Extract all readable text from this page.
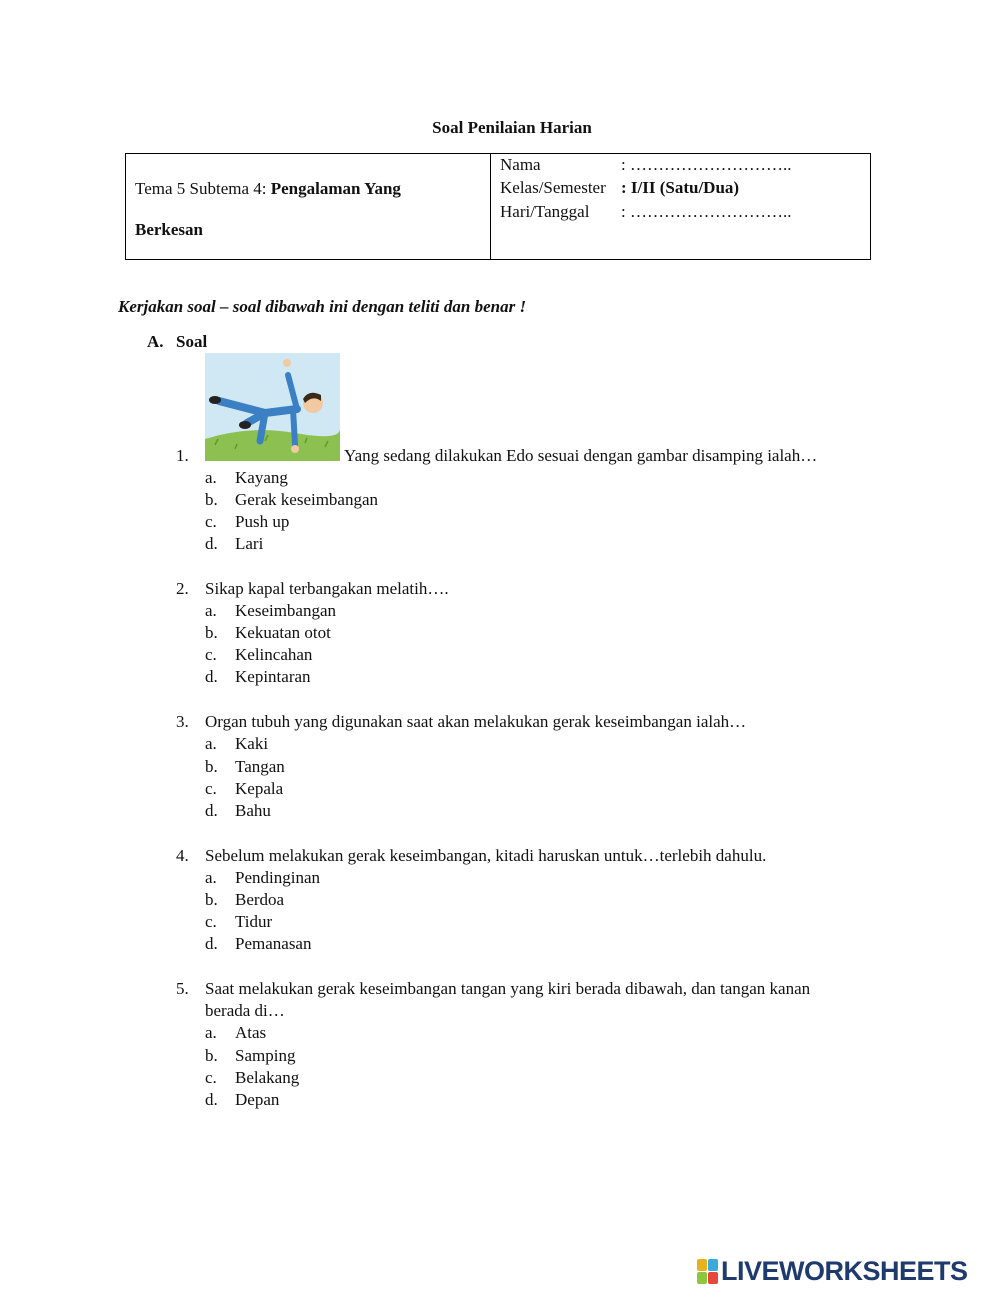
Soal Penilaian Harian
Tema 5 Subtema 4: Pengalaman Yang
Berkesan
Nama	: ………………………..
Kelas/Semester : I/II (Satu/Dua)
Hari/Tanggal : ………………………..
Kerjakan soal – soal dibawah ini dengan teliti dan benar !
A. Soal
1.	Yang sedang dilakukan Edo sesuai dengan gambar disamping ialah…
a. Kayang
b. Gerak keseimbangan
c. Push up
d. Lari
2. Sikap kapal terbangakan melatih….
a. Keseimbangan
b. Kekuatan otot
c. Kelincahan
d. Kepintaran
3. Organ tubuh yang digunakan saat akan melakukan gerak keseimbangan ialah…
a. Kaki
b. Tangan
c. Kepala
d. Bahu
4. Sebelum melakukan gerak keseimbangan, kitadi haruskan untuk…terlebih dahulu.
a. Pendinginan
b. Berdoa
c. Tidur
d. Pemanasan
5. Saat melakukan gerak keseimbangan tangan yang kiri berada dibawah, dan tangan kanan
berada di…
a. Atas
b. Samping
c. Belakang
d. Depan
LIVEWORKSHEETS
